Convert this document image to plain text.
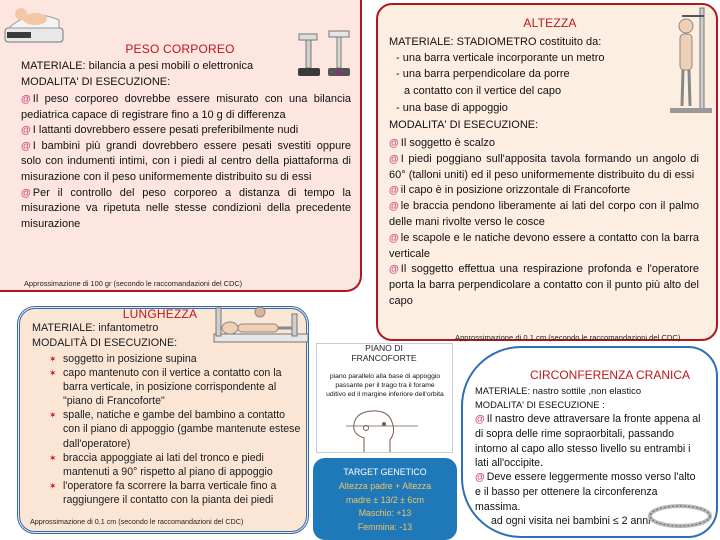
PESO CORPOREO
MATERIALE: bilancia a pesi mobili o elettronica
MODALITA' DI ESECUZIONE:
@ Il peso corporeo dovrebbe essere misurato con una bilancia pediatrica capace di registrare fino a 10 g di differenza
@ I lattanti dovrebbero essere pesati preferibilmente nudi
@ I bambini più grandi dovrebbero essere pesati svestiti oppure solo con indumenti intimi, con i piedi al centro della piattaforma di misurazione con il peso uniformemente distribuito su di essi
@ Per il controllo del peso corporeo a distanza di tempo la misurazione va ripetuta nelle stesse condizioni della precedente misurazione
Approssimazione di 100 gr (secondo le raccomandazioni del CDC)
ALTEZZA
MATERIALE: STADIOMETRO costituito da:
- una barra verticale incorporante un metro
- una barra perpendicolare da porre
a contatto con il vertice del capo
- una base di appoggio
MODALITA' DI ESECUZIONE:
@ Il soggetto è scalzo
@ I piedi poggiano sull'apposita tavola formando un angolo di 60° (talloni uniti) ed il peso uniformemente distribuito du di essi
@ il capo è in posizione orizzontale di Francoforte
@ le braccia pendono liberamente ai lati del corpo con il palmo delle mani rivolte verso le cosce
@ le scapole e le natiche devono essere a contatto con la barra verticale
@ Il soggetto effettua una respirazione profonda e l'operatore porta la barra perpendicolare a contatto con il punto più alto del capo
Approssimazione di 0.1 cm (secondo le raccomandazioni del CDC)
LUNGHEZZA
MATERIALE: infantometro
MODALITÀ DI ESECUZIONE:
✶ soggetto in posizione supina
✶ capo mantenuto con il vertice a contatto con la barra verticale, in posizione corrispondente al "piano di Francoforte"
✶ spalle, natiche e gambe del bambino a contatto con il piano di appoggio (gambe mantenute estese dall'operatore)
✶ braccia appoggiate ai lati del tronco e piedi mantenuti a 90° rispetto al piano di appoggio
✶ l'operatore fa scorrere la barra verticale fino a raggiungere il contatto con la pianta dei piedi
Approssimazione di 0.1 cm (secondo le raccomandazioni del CDC)
PIANO DI FRANCOFORTE
piano parallelo alla base di appoggio passante per il trago tra il forame uditivo ed il margine inferiore dell'orbita
TARGET GENETICO
Altezza padre + Altezza
madre ± 13/2 ± 6cm
Maschio: +13
Femmina: -13
CIRCONFERENZA CRANICA
MATERIALE: nastro sottile ,non elastico
MODALITA' DI ESECUZIONE :
@ Il nastro deve attraversare la fronte appena al di sopra delle rime sopraorbitali, passando intorno al capo allo stesso livello su entrambi i lati all'occipite.
@ Deve essere leggermente mosso verso l'alto e il basso per ottenere la circonferenza massima.
ad ogni visita nei bambini ≤ 2 anni
